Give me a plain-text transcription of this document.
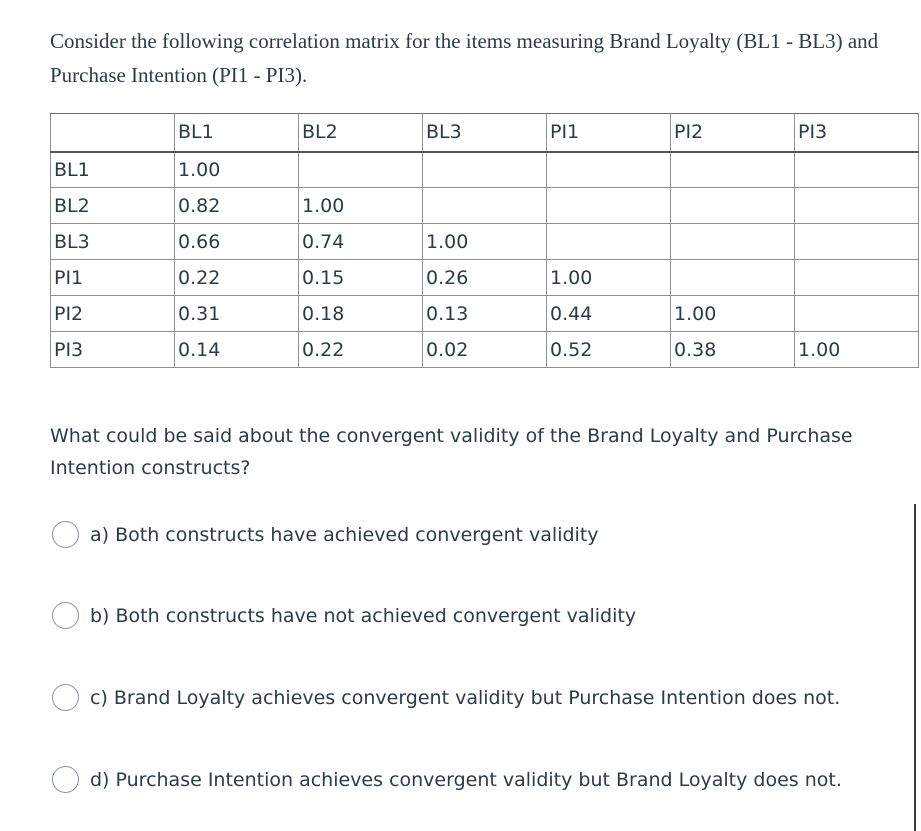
Consider the following correlation matrix for the items measuring Brand Loyalty (BL1 - BL3) and Purchase Intention (PI1 - PI3).

	BL1	BL2	BL3	PI1	PI2	PI3
BL1	1.00					
BL2	0.82	1.00				
BL3	0.66	0.74	1.00			
PI1	0.22	0.15	0.26	1.00		
PI2	0.31	0.18	0.13	0.44	1.00	
PI3	0.14	0.22	0.02	0.52	0.38	1.00

What could be said about the convergent validity of the Brand Loyalty and Purchase Intention constructs?

a) Both constructs have achieved convergent validity
b) Both constructs have not achieved convergent validity
c) Brand Loyalty achieves convergent validity but Purchase Intention does not.
d) Purchase Intention achieves convergent validity but Brand Loyalty does not.
